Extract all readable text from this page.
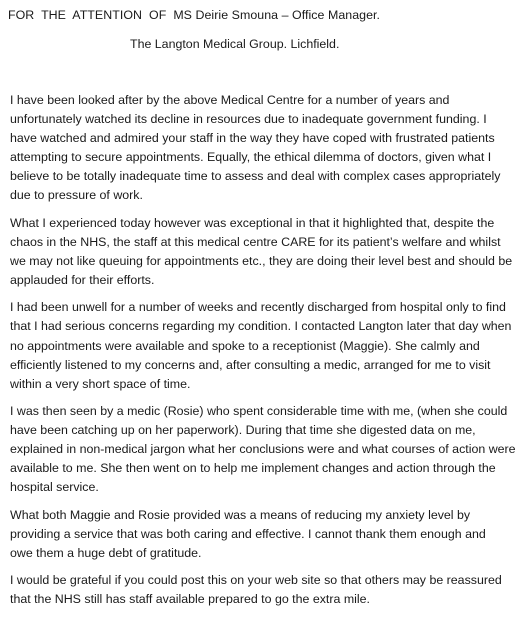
FOR  THE  ATTENTION  OF  MS Deirie Smouna – Office Manager.
The Langton Medical Group. Lichfield.
I have been looked after by the above Medical Centre for a number of years and
unfortunately watched its decline in resources due to inadequate government funding. I
have watched and admired your staff in the way they have coped with frustrated patients
attempting to secure appointments. Equally, the ethical dilemma of doctors, given what I
believe to be totally inadequate time to assess and deal with complex cases appropriately
due to pressure of work.
What I experienced today however was exceptional in that it highlighted that, despite the
chaos in the NHS, the staff at this medical centre CARE for its patient’s welfare and whilst
we may not like queuing for appointments etc., they are doing their level best and should be
applauded for their efforts.
I had been unwell for a number of weeks and recently discharged from hospital only to find
that I had serious concerns regarding my condition. I contacted Langton later that day when
no appointments were available and spoke to a receptionist (Maggie). She calmly and
efficiently listened to my concerns and, after consulting a medic, arranged for me to visit
within a very short space of time.
I was then seen by a medic (Rosie) who spent considerable time with me, (when she could
have been catching up on her paperwork). During that time she digested data on me,
explained in non-medical jargon what her conclusions were and what courses of action were
available to me. She then went on to help me implement changes and action through the
hospital service.
What both Maggie and Rosie provided was a means of reducing my anxiety level by
providing a service that was both caring and effective. I cannot thank them enough and
owe them a huge debt of gratitude.
I would be grateful if you could post this on your web site so that others may be reassured
that the NHS still has staff available prepared to go the extra mile.
